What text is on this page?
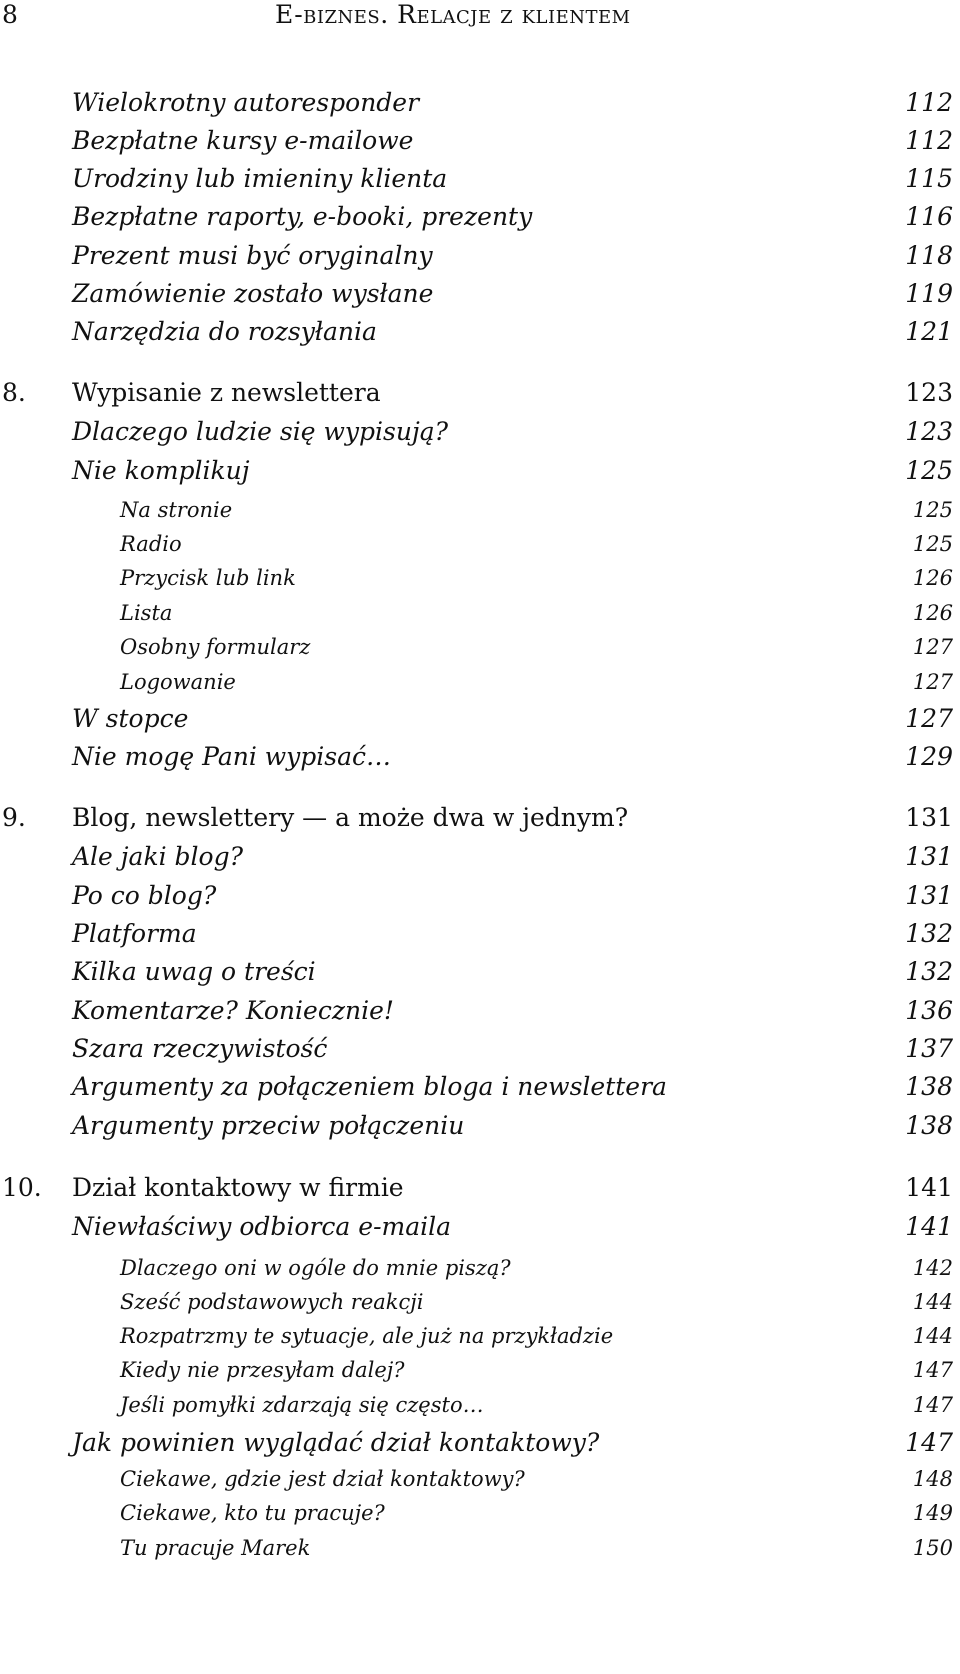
8	E-biznes. Relacje z klientem
Wielokrotny autoresponder	112
Bezpłatne kursy e-mailowe	112
Urodziny lub imieniny klienta	115
Bezpłatne raporty, e-booki, prezenty	116
Prezent musi być oryginalny	118
Zamówienie zostało wysłane	119
Narzędzia do rozsyłania	121
8. Wypisanie z newslettera	123
Dlaczego ludzie się wypisują?	123
Nie komplikuj	125
Na stronie	125
Radio	125
Przycisk lub link	126
Lista	126
Osobny formularz	127
Logowanie	127
W stopce	127
Nie mogę Pani wypisać…	129
9. Blog, newslettery — a może dwa w jednym?	131
Ale jaki blog?	131
Po co blog?	131
Platforma	132
Kilka uwag o treści	132
Komentarze? Koniecznie!	136
Szara rzeczywistość	137
Argumenty za połączeniem bloga i newslettera	138
Argumenty przeciw połączeniu	138
10. Dział kontaktowy w firmie	141
Niewłaściwy odbiorca e-maila	141
Dlaczego oni w ogóle do mnie piszą?	142
Sześć podstawowych reakcji	144
Rozpatrzmy te sytuacje, ale już na przykładzie	144
Kiedy nie przesyłam dalej?	147
Jeśli pomyłki zdarzają się często…	147
Jak powinien wyglądać dział kontaktowy?	147
Ciekawe, gdzie jest dział kontaktowy?	148
Ciekawe, kto tu pracuje?	149
Tu pracuje Marek	150
